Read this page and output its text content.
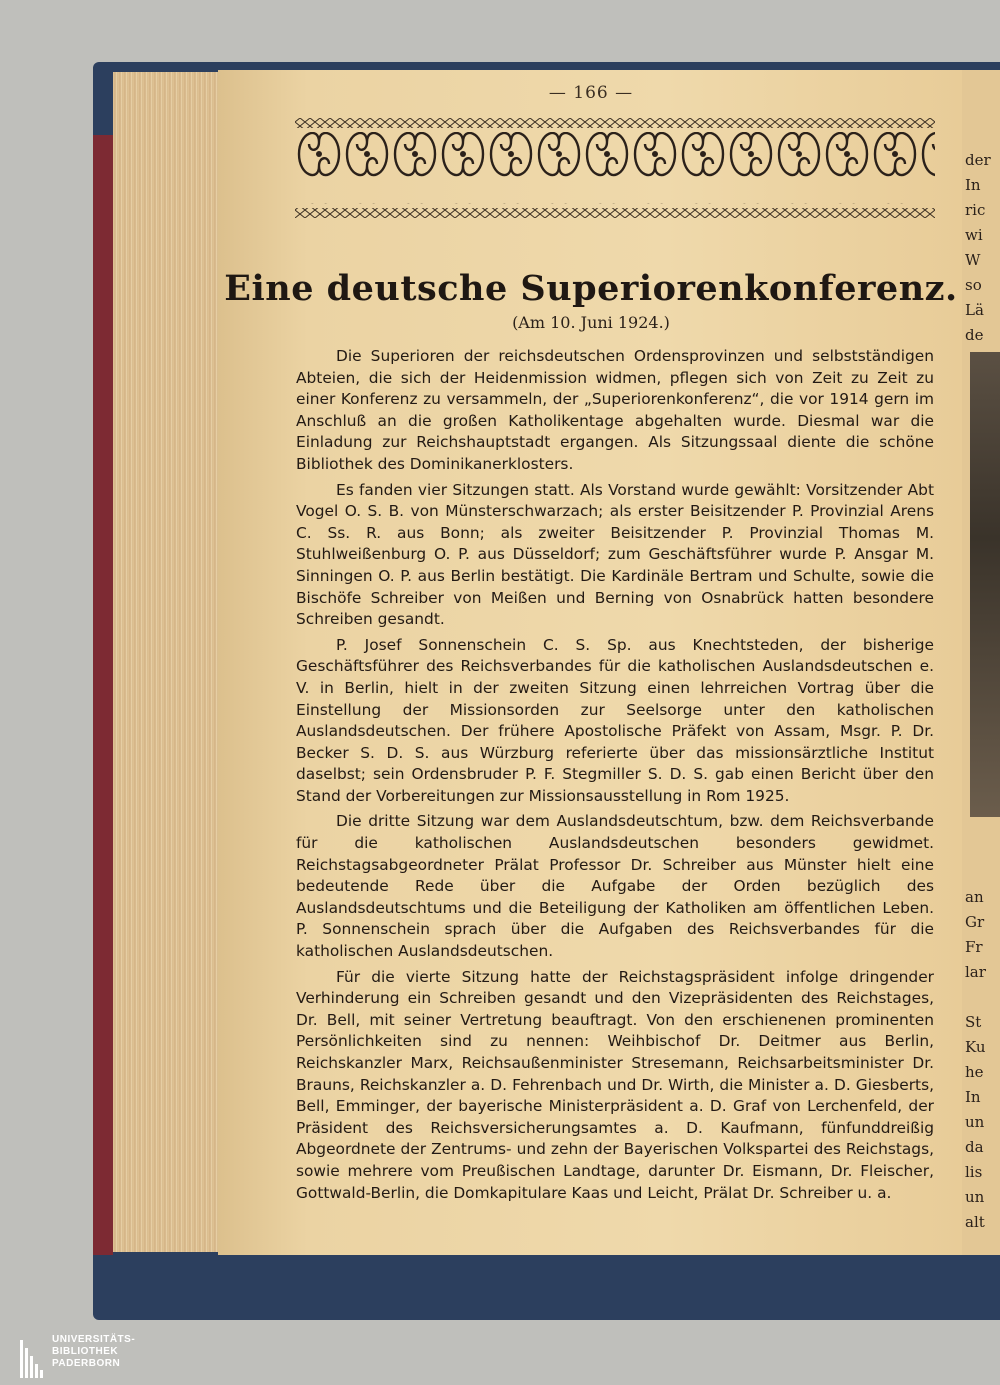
der
In
ric
wi
W
so
Lä
de
an
Gr
Fr
lar

St
Ku
he
In
un
da
lis
un
alt
— 166 —
Eine deutsche Superiorenkonferenz.
(Am 10. Juni 1924.)

Die Superioren der reichsdeutschen Ordensprovinzen und selbstständigen Abteien, die sich der Heidenmission widmen, pflegen sich von Zeit zu Zeit zu einer Konferenz zu versammeln, der „Superiorenkonferenz“, die vor 1914 gern im Anschluß an die großen Katholikentage abgehalten wurde. Diesmal war die Einladung zur Reichshauptstadt ergangen. Als Sitzungssaal diente die schöne Bibliothek des Dominikanerklosters.

Es fanden vier Sitzungen statt. Als Vorstand wurde gewählt: Vorsitzender Abt Vogel O. S. B. von Münsterschwarzach; als erster Beisitzender P. Provinzial Arens C. Ss. R. aus Bonn; als zweiter Beisitzender P. Provinzial Thomas M. Stuhlweißenburg O. P. aus Düsseldorf; zum Geschäftsführer wurde P. Ansgar M. Sinningen O. P. aus Berlin bestätigt. Die Kardinäle Bertram und Schulte, sowie die Bischöfe Schreiber von Meißen und Berning von Osnabrück hatten besondere Schreiben gesandt.

P. Josef Sonnenschein C. S. Sp. aus Knechtsteden, der bisherige Geschäftsführer des Reichsverbandes für die katholischen Auslandsdeutschen e. V. in Berlin, hielt in der zweiten Sitzung einen lehrreichen Vortrag über die Einstellung der Missionsorden zur Seelsorge unter den katholischen Auslandsdeutschen. Der frühere Apostolische Präfekt von Assam, Msgr. P. Dr. Becker S. D. S. aus Würzburg referierte über das missionsärztliche Institut daselbst; sein Ordensbruder P. F. Stegmiller S. D. S. gab einen Bericht über den Stand der Vorbereitungen zur Missionsausstellung in Rom 1925.

Die dritte Sitzung war dem Auslandsdeutschtum, bzw. dem Reichsverbande für die katholischen Auslandsdeutschen besonders gewidmet. Reichstagsabgeordneter Prälat Professor Dr. Schreiber aus Münster hielt eine bedeutende Rede über die Aufgabe der Orden bezüglich des Auslandsdeutschtums und die Beteiligung der Katholiken am öffentlichen Leben. P. Sonnenschein sprach über die Aufgaben des Reichsverbandes für die katholischen Auslandsdeutschen.

Für die vierte Sitzung hatte der Reichstagspräsident infolge dringender Verhinderung ein Schreiben gesandt und den Vizepräsidenten des Reichstages, Dr. Bell, mit seiner Vertretung beauftragt. Von den erschienenen prominenten Persönlichkeiten sind zu nennen: Weihbischof Dr. Deitmer aus Berlin, Reichskanzler Marx, Reichsaußenminister Stresemann, Reichsarbeitsminister Dr. Brauns, Reichskanzler a. D. Fehrenbach und Dr. Wirth, die Minister a. D. Giesberts, Bell, Emminger, der bayerische Ministerpräsident a. D. Graf von Lerchenfeld, der Präsident des Reichsversicherungsamtes a. D. Kaufmann, fünfunddreißig Abgeordnete der Zentrums- und zehn der Bayerischen Volkspartei des Reichstags, sowie mehrere vom Preußischen Landtage, darunter Dr. Eismann, Dr. Fleischer, Gottwald-Berlin, die Domkapitulare Kaas und Leicht, Prälat Dr. Schreiber u. a.

UNIVERSITÄTS-
BIBLIOTHEK
PADERBORN
